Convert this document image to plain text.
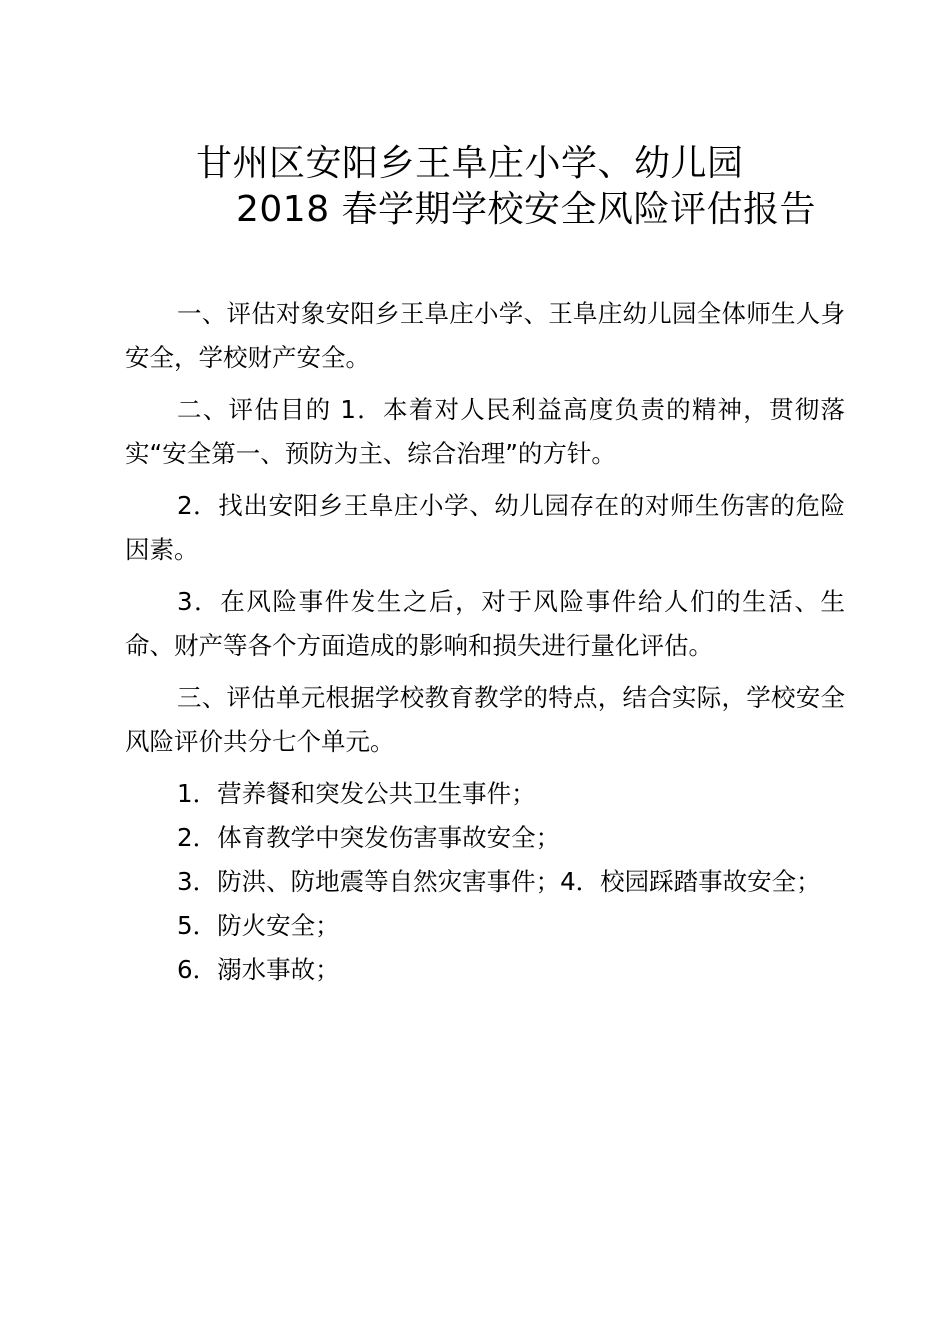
甘州区安阳乡王阜庄小学、幼儿园
2018 春学期学校安全风险评估报告

一、评估对象安阳乡王阜庄小学、王阜庄幼儿园全体师生人身安全，学校财产安全。

二、评估目的 1．本着对人民利益高度负责的精神，贯彻落实“安全第一、预防为主、综合治理”的方针。

2．找出安阳乡王阜庄小学、幼儿园存在的对师生伤害的危险因素。

3．在风险事件发生之后，对于风险事件给人们的生活、生命、财产等各个方面造成的影响和损失进行量化评估。

三、评估单元根据学校教育教学的特点，结合实际，学校安全风险评价共分七个单元。

1．营养餐和突发公共卫生事件；

2．体育教学中突发伤害事故安全；

3．防洪、防地震等自然灾害事件；4．校园踩踏事故安全；

5．防火安全；

6．溺水事故；
